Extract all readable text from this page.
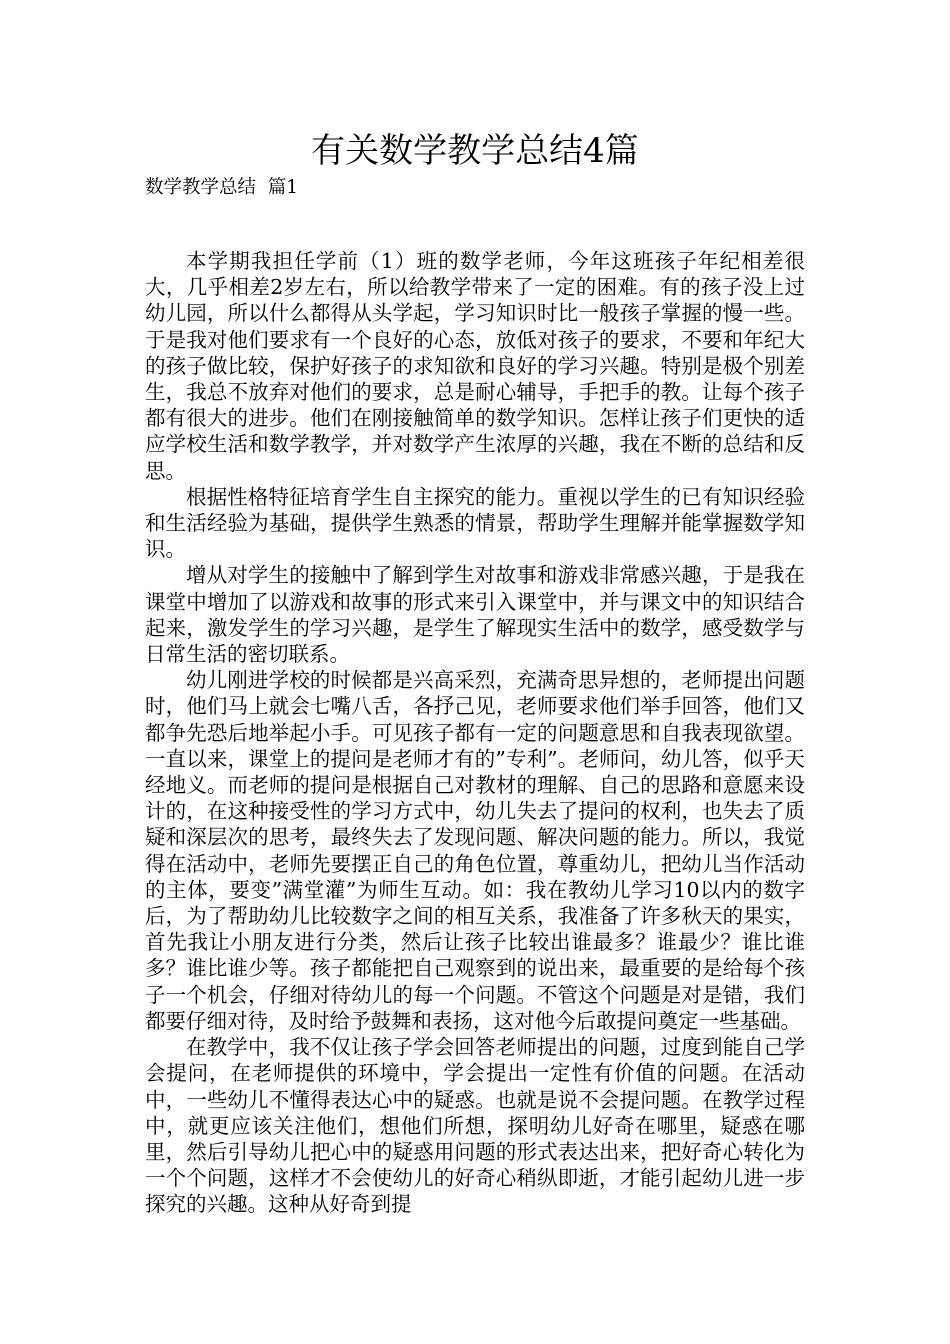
有关数学教学总结4篇

数学教学总结  篇1

本学期我担任学前（1）班的数学老师，今年这班孩子年纪相差很大，几乎相差2岁左右，所以给教学带来了一定的困难。有的孩子没上过幼儿园，所以什么都得从头学起，学习知识时比一般孩子掌握的慢一些。于是我对他们要求有一个良好的心态，放低对孩子的要求，不要和年纪大的孩子做比较，保护好孩子的求知欲和良好的学习兴趣。特别是极个别差生，我总不放弃对他们的要求，总是耐心辅导，手把手的教。让每个孩子都有很大的进步。他们在刚接触简单的数学知识。怎样让孩子们更快的适应学校生活和数学教学，并对数学产生浓厚的兴趣，我在不断的总结和反思。

根据性格特征培育学生自主探究的能力。重视以学生的已有知识经验和生活经验为基础，提供学生熟悉的情景，帮助学生理解并能掌握数学知识。

增从对学生的接触中了解到学生对故事和游戏非常感兴趣，于是我在课堂中增加了以游戏和故事的形式来引入课堂中，并与课文中的知识结合起来，激发学生的学习兴趣，是学生了解现实生活中的数学，感受数学与日常生活的密切联系。

幼儿刚进学校的时候都是兴高采烈，充满奇思异想的，老师提出问题时，他们马上就会七嘴八舌，各抒己见，老师要求他们举手回答，他们又都争先恐后地举起小手。可见孩子都有一定的问题意思和自我表现欲望。一直以来，课堂上的提问是老师才有的”专利”。老师问，幼儿答，似乎天经地义。而老师的提问是根据自己对教材的理解、自己的思路和意愿来设计的，在这种接受性的学习方式中，幼儿失去了提问的权利，也失去了质疑和深层次的思考，最终失去了发现问题、解决问题的能力。所以，我觉得在活动中，老师先要摆正自己的角色位置，尊重幼儿，把幼儿当作活动的主体，要变”满堂灌”为师生互动。如：我在教幼儿学习10以内的数字后，为了帮助幼儿比较数字之间的相互关系，我准备了许多秋天的果实，首先我让小朋友进行分类，然后让孩子比较出谁最多？谁最少？谁比谁多？谁比谁少等。孩子都能把自己观察到的说出来，最重要的是给每个孩子一个机会，仔细对待幼儿的每一个问题。不管这个问题是对是错，我们都要仔细对待，及时给予鼓舞和表扬，这对他今后敢提问奠定一些基础。

在教学中，我不仅让孩子学会回答老师提出的问题，过度到能自己学会提问，在老师提供的环境中，学会提出一定性有价值的问题。在活动中，一些幼儿不懂得表达心中的疑惑。也就是说不会提问题。在教学过程中，就更应该关注他们，想他们所想，探明幼儿好奇在哪里，疑惑在哪里，然后引导幼儿把心中的疑惑用问题的形式表达出来，把好奇心转化为一个个问题，这样才不会使幼儿的好奇心稍纵即逝，才能引起幼儿进一步探究的兴趣。这种从好奇到提
